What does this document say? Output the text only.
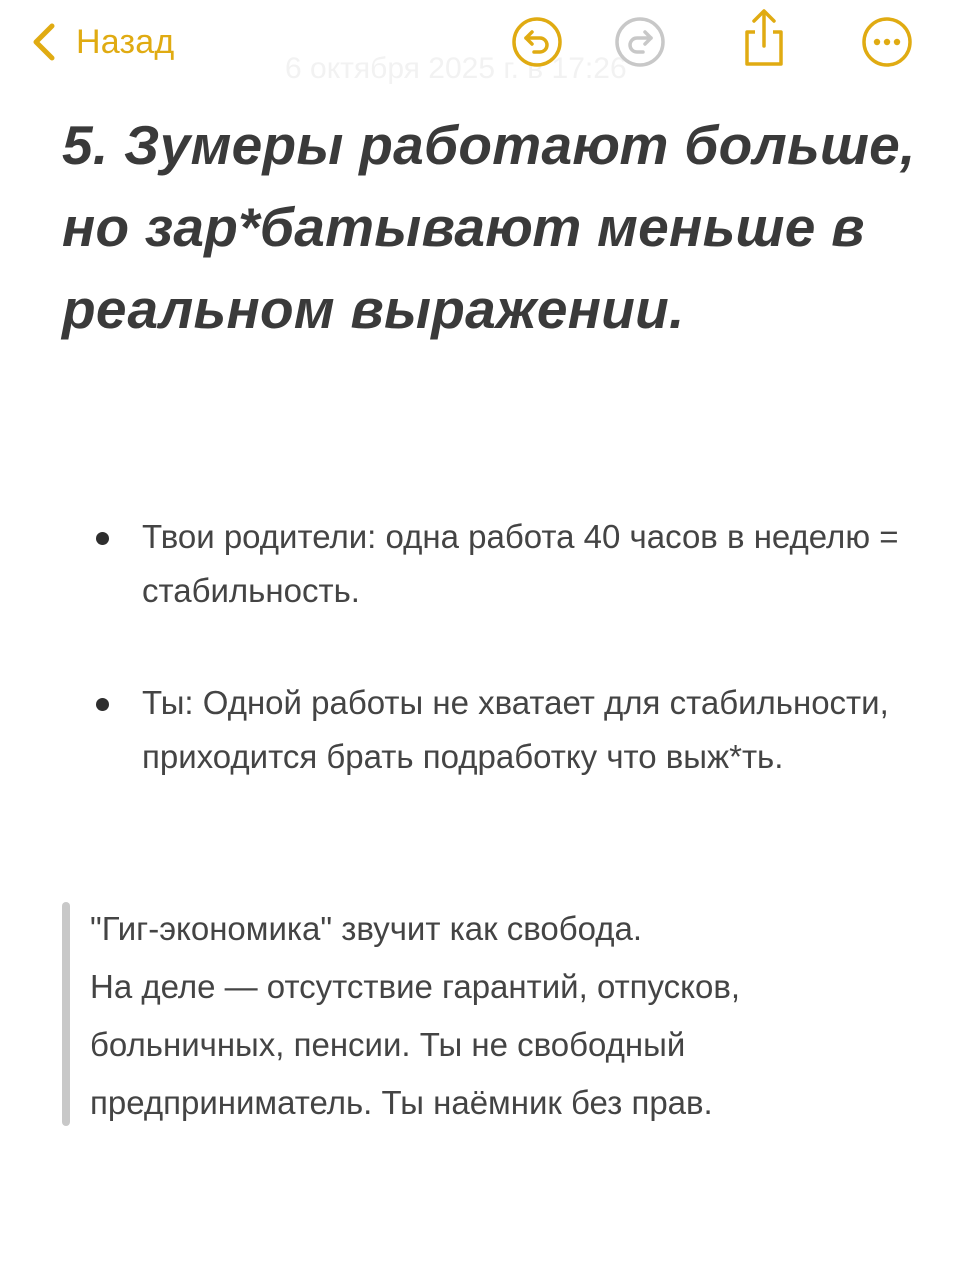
Назад
6 октября 2025 г. в 17:26
5. Зумеры работают больше, но зар*батывают меньше в реальном выражении.
Твои родители: одна работа 40 часов в неделю = стабильность.
Ты: Одной работы не хватает для стабильности, приходится брать подработку что выж*ть.
"Гиг-экономика" звучит как свобода.
На деле — отсутствие гарантий, отпусков,
больничных, пенсии. Ты не свободный
предприниматель. Ты наёмник без прав.
